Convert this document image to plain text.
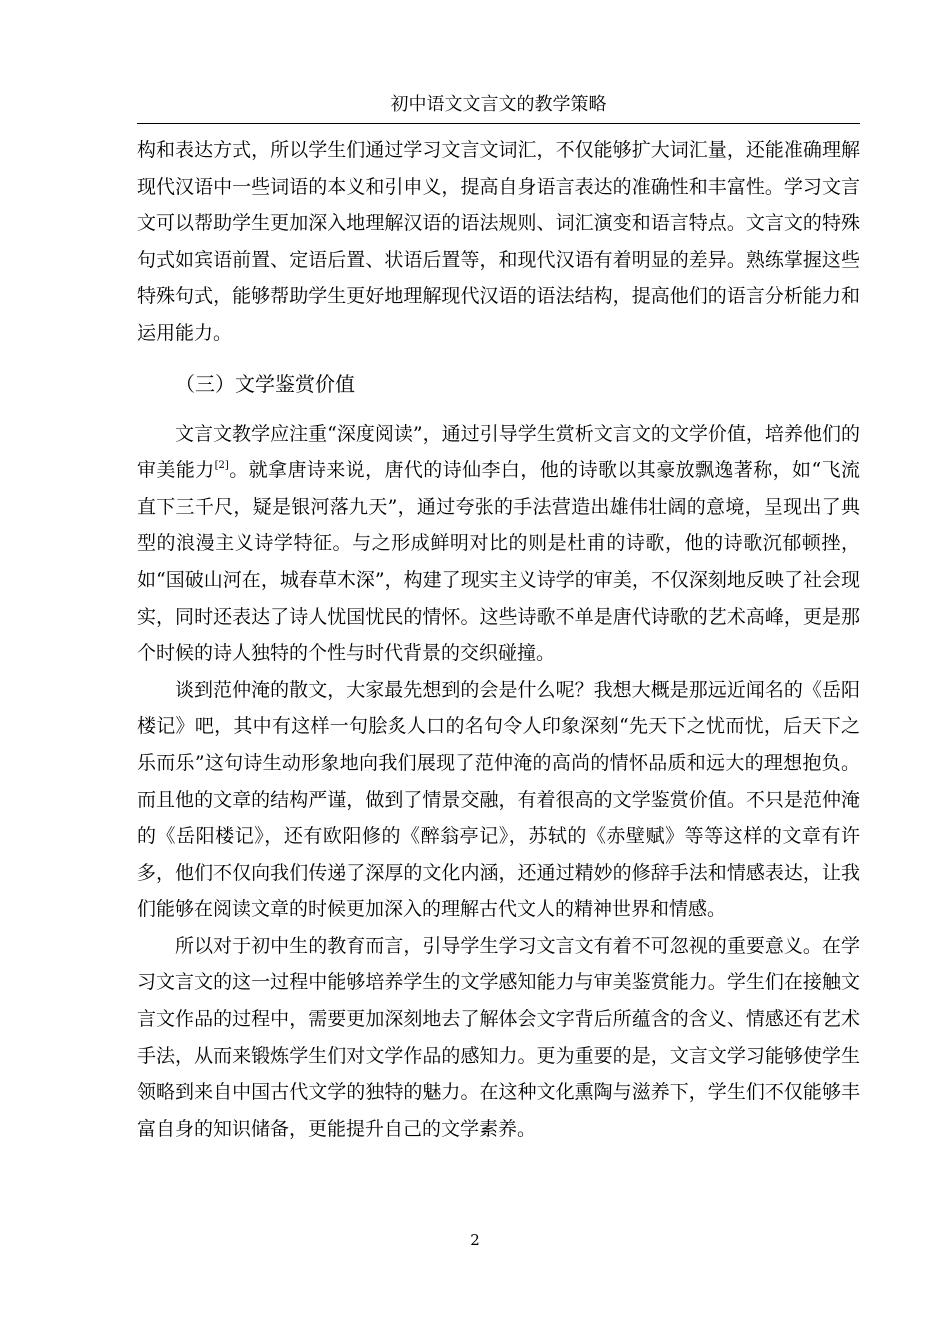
初中语文文言文的教学策略

构和表达方式，所以学生们通过学习文言文词汇，不仅能够扩大词汇量，还能准确理解现代汉语中一些词语的本义和引申义，提高自身语言表达的准确性和丰富性。学习文言文可以帮助学生更加深入地理解汉语的语法规则、词汇演变和语言特点。文言文的特殊句式如宾语前置、定语后置、状语后置等，和现代汉语有着明显的差异。熟练掌握这些特殊句式，能够帮助学生更好地理解现代汉语的语法结构，提高他们的语言分析能力和运用能力。

（三）文学鉴赏价值

文言文教学应注重“深度阅读”，通过引导学生赏析文言文的文学价值，培养他们的审美能力[2]。就拿唐诗来说，唐代的诗仙李白，他的诗歌以其豪放飘逸著称，如“飞流直下三千尺，疑是银河落九天”，通过夸张的手法营造出雄伟壮阔的意境，呈现出了典型的浪漫主义诗学特征。与之形成鲜明对比的则是杜甫的诗歌，他的诗歌沉郁顿挫，如“国破山河在，城春草木深”，构建了现实主义诗学的审美，不仅深刻地反映了社会现实，同时还表达了诗人忧国忧民的情怀。这些诗歌不单是唐代诗歌的艺术高峰，更是那个时候的诗人独特的个性与时代背景的交织碰撞。

谈到范仲淹的散文，大家最先想到的会是什么呢？我想大概是那远近闻名的《岳阳楼记》吧，其中有这样一句脍炙人口的名句令人印象深刻“先天下之忧而忧，后天下之乐而乐”这句诗生动形象地向我们展现了范仲淹的高尚的情怀品质和远大的理想抱负。而且他的文章的结构严谨，做到了情景交融，有着很高的文学鉴赏价值。不只是范仲淹的《岳阳楼记》，还有欧阳修的《醉翁亭记》，苏轼的《赤壁赋》等等这样的文章有许多，他们不仅向我们传递了深厚的文化内涵，还通过精妙的修辞手法和情感表达，让我们能够在阅读文章的时候更加深入的理解古代文人的精神世界和情感。

所以对于初中生的教育而言，引导学生学习文言文有着不可忽视的重要意义。在学习文言文的这一过程中能够培养学生的文学感知能力与审美鉴赏能力。学生们在接触文言文作品的过程中，需要更加深刻地去了解体会文字背后所蕴含的含义、情感还有艺术手法，从而来锻炼学生们对文学作品的感知力。更为重要的是，文言文学习能够使学生领略到来自中国古代文学的独特的魅力。在这种文化熏陶与滋养下，学生们不仅能够丰富自身的知识储备，更能提升自己的文学素养。

2
